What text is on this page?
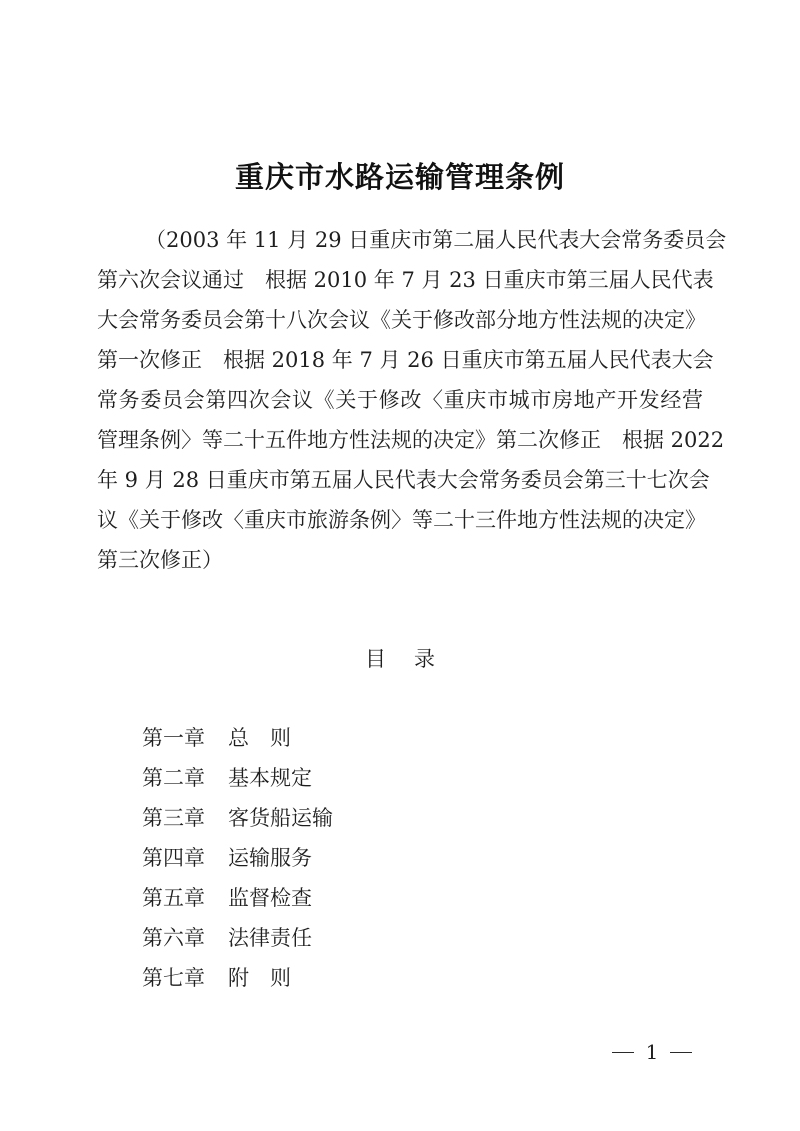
重庆市水路运输管理条例
（2003 年 11 月 29 日重庆市第二届人民代表大会常务委员会
第六次会议通过　根据 2010 年 7 月 23 日重庆市第三届人民代表
大会常务委员会第十八次会议《关于修改部分地方性法规的决定》
第一次修正　根据 2018 年 7 月 26 日重庆市第五届人民代表大会
常务委员会第四次会议《关于修改〈重庆市城市房地产开发经营
管理条例〉等二十五件地方性法规的决定》第二次修正　根据 2022
年 9 月 28 日重庆市第五届人民代表大会常务委员会第三十七次会
议《关于修改〈重庆市旅游条例〉等二十三件地方性法规的决定》
第三次修正）
目 录
第一章	总　则
第二章	基本规定
第三章	客货船运输
第四章	运输服务
第五章	监督检查
第六章	法律责任
第七章	附　则
1
